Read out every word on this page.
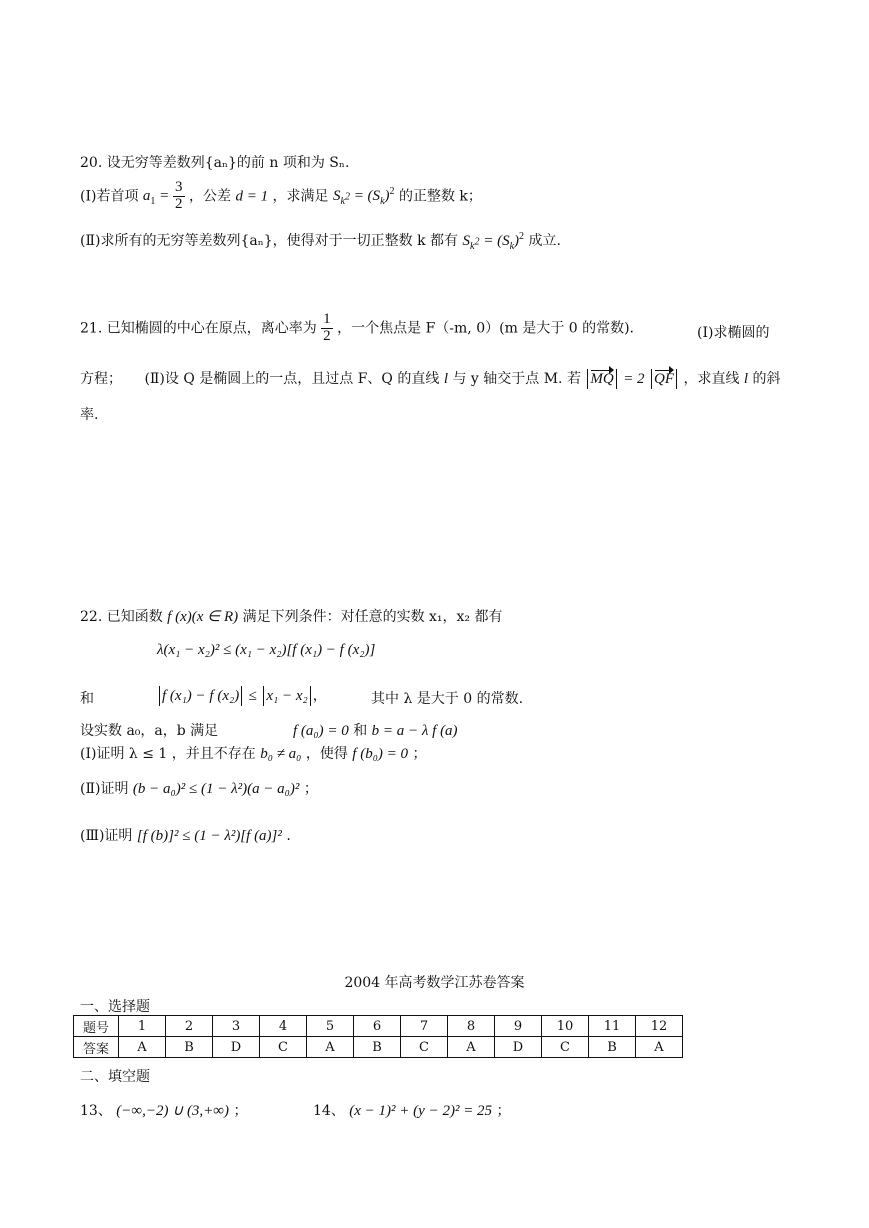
20. 设无穷等差数列{aₙ}的前 n 项和为 Sₙ.
(Ⅰ)若首项 $a_1 = \frac{3}{2}$ ，公差 d = 1 ，求满足 $S_{k^2} = (S_k)^2$ 的正整数 k；
(Ⅱ)求所有的无穷等差数列{aₙ}，使得对于一切正整数 k 都有 $S_{k^2} = (S_k)^2$ 成立.
21. 已知椭圆的中心在原点，离心率为 $\frac{1}{2}$ ，一个焦点是 F（-m, 0）(m 是大于 0 的常数).	(Ⅰ)求椭圆的
方程； (Ⅱ)设 Q 是椭圆上的一点，且过点 F、Q 的直线 l 与 y 轴交于点 M. 若 MQ = 2 QF ，求直线 l 的斜
率.
22. 已知函数 f (x)(x ∈ R) 满足下列条件：对任意的实数 x₁，x₂ 都有
λ(x₁ − x₂)² ≤ (x₁ − x₂)[f (x₁) − f (x₂)]
和	f (x₁) − f (x₂) ≤ x₁ − x₂ ，	其中 λ 是大于 0 的常数.
设实数 a₀，a，b 满足	f (a₀) = 0 和 b = a − λ f (a)
(Ⅰ)证明 λ ≤ 1 ，并且不存在 b₀ ≠ a₀ ，使得 f (b₀) = 0 ；
(Ⅱ)证明 (b − a₀)² ≤ (1 − λ²)(a − a₀)² ；
(Ⅲ)证明 [f (b)]² ≤ (1 − λ²)[f (a)]² .
2004 年高考数学江苏卷答案
一、选择题
题号	1	2	3	4	5	6	7	8	9	10	11	12
答案	A	B	D	C	A	B	C	A	D	C	B	A
二、填空题
13、 (−∞,−2) ∪ (3,+∞) ；	14、 (x − 1)² + (y − 2)² = 25 ；
